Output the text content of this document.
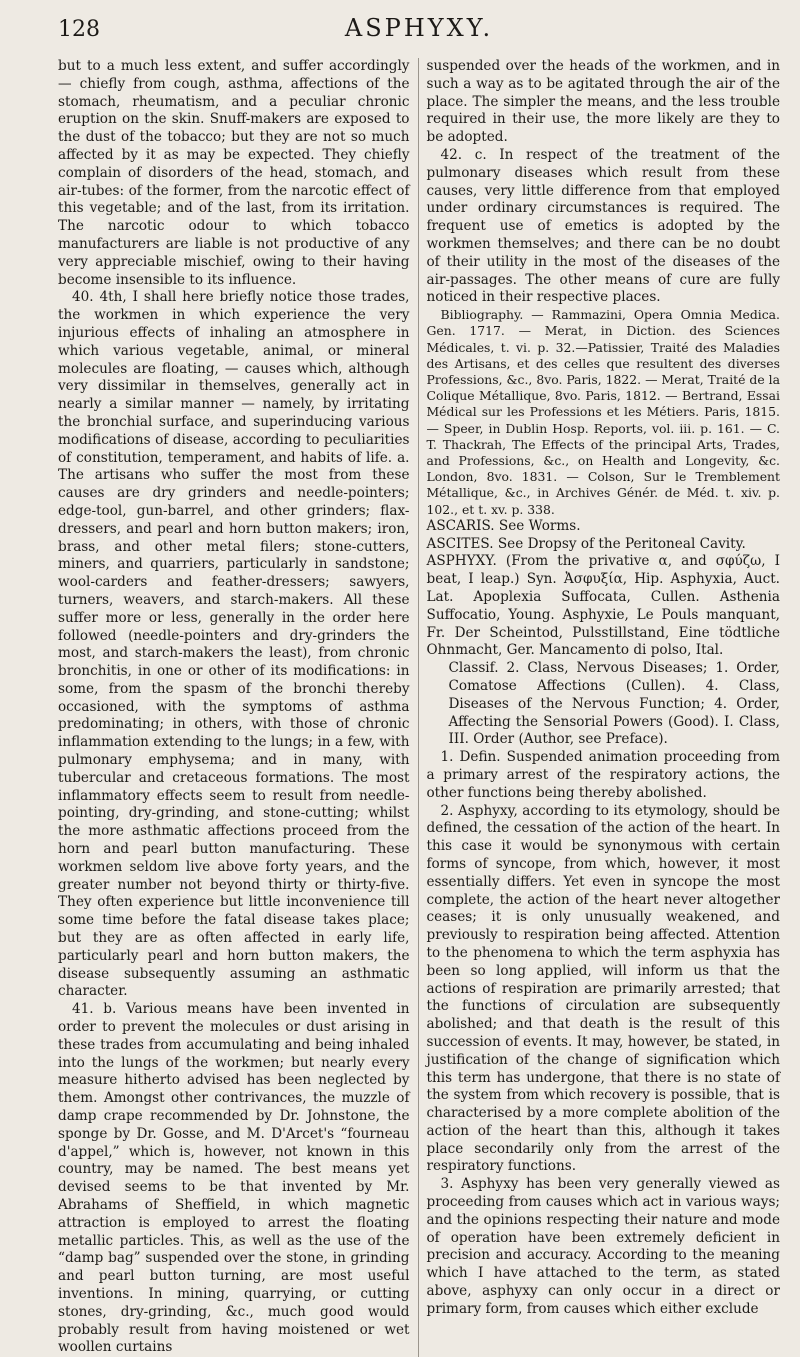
128	ASPHYXY.

but to a much less extent, and suffer accordingly — chiefly from cough, asthma, affections of the stomach, rheumatism, and a peculiar chronic eruption on the skin. Snuff-makers are exposed to the dust of the tobacco; but they are not so much affected by it as may be expected. They chiefly complain of disorders of the head, stomach, and air-tubes: of the former, from the narcotic effect of this vegetable; and of the last, from its irritation. The narcotic odour to which tobacco manufacturers are liable is not productive of any very appreciable mischief, owing to their having become insensible to its influence.

40. 4th, I shall here briefly notice those trades, the workmen in which experience the very injurious effects of inhaling an atmosphere in which various vegetable, animal, or mineral molecules are floating, — causes which, although very dissimilar in themselves, generally act in nearly a similar manner — namely, by irritating the bronchial surface, and superinducing various modifications of disease, according to peculiarities of constitution, temperament, and habits of life. a. The artisans who suffer the most from these causes are dry grinders and needle-pointers; edge-tool, gun-barrel, and other grinders; flax-dressers, and pearl and horn button makers; iron, brass, and other metal filers; stone-cutters, miners, and quarriers, particularly in sandstone; wool-carders and feather-dressers; sawyers, turners, weavers, and starch-makers. All these suffer more or less, generally in the order here followed (needle-pointers and dry-grinders the most, and starch-makers the least), from chronic bronchitis, in one or other of its modifications: in some, from the spasm of the bronchi thereby occasioned, with the symptoms of asthma predominating; in others, with those of chronic inflammation extending to the lungs; in a few, with pulmonary emphysema; and in many, with tubercular and cretaceous formations. The most inflammatory effects seem to result from needle-pointing, dry-grinding, and stone-cutting; whilst the more asthmatic affections proceed from the horn and pearl button manufacturing. These workmen seldom live above forty years, and the greater number not beyond thirty or thirty-five. They often experience but little inconvenience till some time before the fatal disease takes place; but they are as often affected in early life, particularly pearl and horn button makers, the disease subsequently assuming an asthmatic character.

41. b. Various means have been invented in order to prevent the molecules or dust arising in these trades from accumulating and being inhaled into the lungs of the workmen; but nearly every measure hitherto advised has been neglected by them. Amongst other contrivances, the muzzle of damp crape recommended by Dr. Johnstone, the sponge by Dr. Gosse, and M. D'Arcet's “fourneau d'appel,” which is, however, not known in this country, may be named. The best means yet devised seems to be that invented by Mr. Abrahams of Sheffield, in which magnetic attraction is employed to arrest the floating metallic particles. This, as well as the use of the “damp bag” suspended over the stone, in grinding and pearl button turning, are most useful inventions. In mining, quarrying, or cutting stones, dry-grinding, &c., much good would probably result from having moistened or wet woollen curtains

suspended over the heads of the workmen, and in such a way as to be agitated through the air of the place. The simpler the means, and the less trouble required in their use, the more likely are they to be adopted.

42. c. In respect of the treatment of the pulmonary diseases which result from these causes, very little difference from that employed under ordinary circumstances is required. The frequent use of emetics is adopted by the workmen themselves; and there can be no doubt of their utility in the most of the diseases of the air-passages. The other means of cure are fully noticed in their respective places.

Bibliography. — Rammazini, Opera Omnia Medica. Gen. 1717. — Merat, in Diction. des Sciences Médicales, t. vi. p. 32.—Patissier, Traité des Maladies des Artisans, et des celles que resultent des diverses Professions, &c., 8vo. Paris, 1822. — Merat, Traité de la Colique Métallique, 8vo. Paris, 1812. — Bertrand, Essai Médical sur les Professions et les Métiers. Paris, 1815. — Speer, in Dublin Hosp. Reports, vol. iii. p. 161. — C. T. Thackrah, The Effects of the principal Arts, Trades, and Professions, &c., on Health and Longevity, &c. London, 8vo. 1831. — Colson, Sur le Tremblement Métallique, &c., in Archives Génér. de Méd. t. xiv. p. 102., et t. xv. p. 338.

ASCARIS. See Worms.

ASCITES. See Dropsy of the Peritoneal Cavity.

ASPHYXY. (From the privative α, and σφύζω, I beat, I leap.) Syn. Ἀσφυξία, Hip. Asphyxia, Auct. Lat. Apoplexia Suffocata, Cullen. Asthenia Suffocatio, Young. Asphyxie, Le Pouls manquant, Fr. Der Scheintod, Pulsstillstand, Eine tödtliche Ohnmacht, Ger. Mancamento di polso, Ital.

Classif. 2. Class, Nervous Diseases; 1. Order, Comatose Affections (Cullen). 4. Class, Diseases of the Nervous Function; 4. Order, Affecting the Sensorial Powers (Good). I. Class, III. Order (Author, see Preface).

1. Defin. Suspended animation proceeding from a primary arrest of the respiratory actions, the other functions being thereby abolished.

2. Asphyxy, according to its etymology, should be defined, the cessation of the action of the heart. In this case it would be synonymous with certain forms of syncope, from which, however, it most essentially differs. Yet even in syncope the most complete, the action of the heart never altogether ceases; it is only unusually weakened, and previously to respiration being affected. Attention to the phenomena to which the term asphyxia has been so long applied, will inform us that the actions of respiration are primarily arrested; that the functions of circulation are subsequently abolished; and that death is the result of this succession of events. It may, however, be stated, in justification of the change of signification which this term has undergone, that there is no state of the system from which recovery is possible, that is characterised by a more complete abolition of the action of the heart than this, although it takes place secondarily only from the arrest of the respiratory functions.

3. Asphyxy has been very generally viewed as proceeding from causes which act in various ways; and the opinions respecting their nature and mode of operation have been extremely deficient in precision and accuracy. According to the meaning which I have attached to the term, as stated above, asphyxy can only occur in a direct or primary form, from causes which either exclude
